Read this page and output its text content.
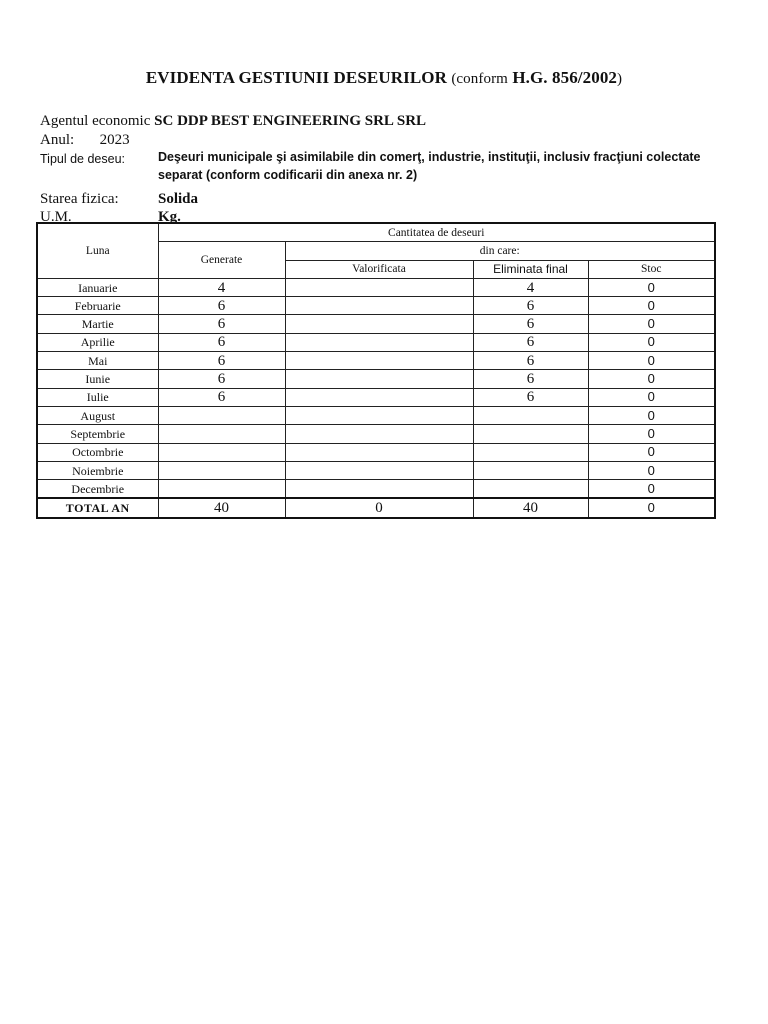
EVIDENTA GESTIUNII DESEURILOR (conform H.G. 856/2002)
Agentul economic SC DDP BEST ENGINEERING SRL SRL
Anul: 2023
Tipul de deseu:	Deşeuri municipale şi asimilabile din comerţ, industrie, instituţii, inclusiv fracţiuni colectate separat (conform codificarii din anexa nr. 2)
Starea fizica:	Solida
U.M.	Kg.
Luna	Cantitatea de deseuri			
	Generate	din care:		
		Valorificata	Eliminata final	Stoc
Ianuarie	4		4	0
Februarie	6		6	0
Martie	6		6	0
Aprilie	6		6	0
Mai	6		6	0
Iunie	6		6	0
Iulie	6		6	0
August				0
Septembrie				0
Octombrie				0
Noiembrie				0
Decembrie				0
TOTAL AN	40	0	40	0
